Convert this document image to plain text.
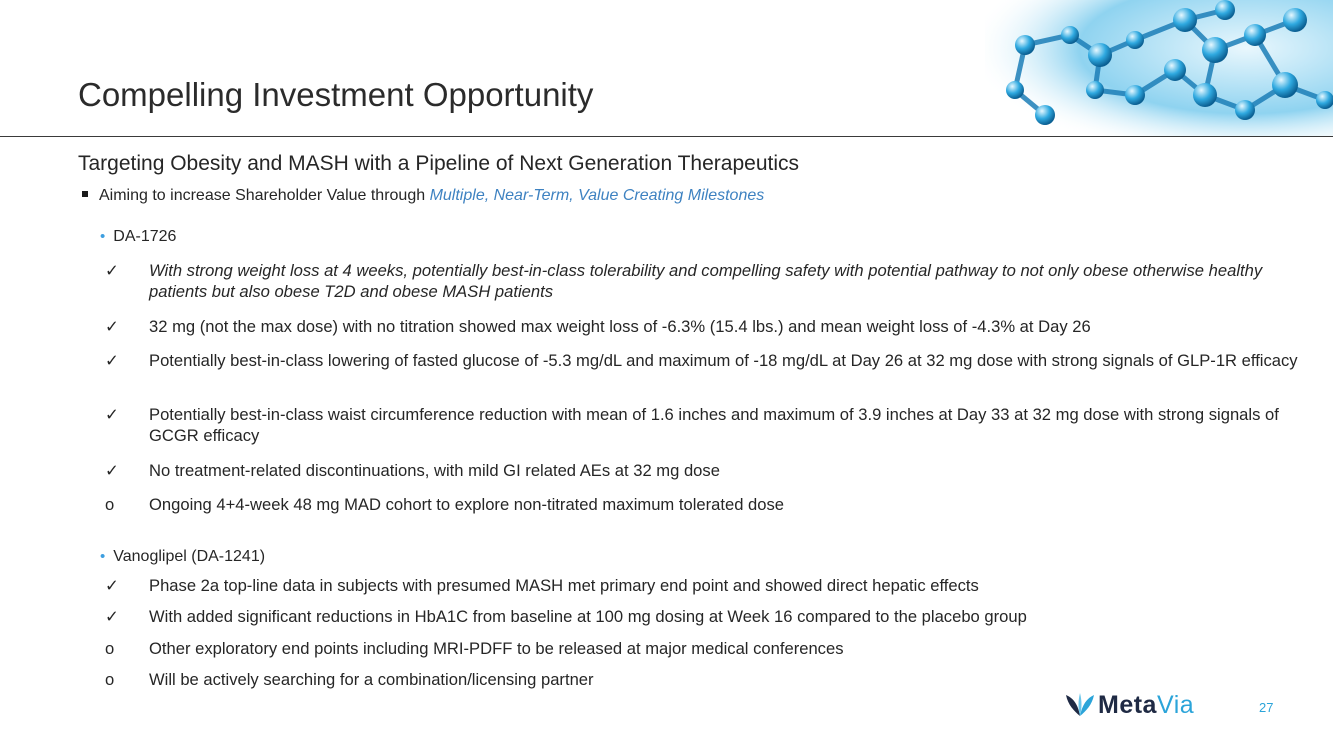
Compelling Investment Opportunity
Targeting Obesity and MASH with a Pipeline of Next Generation Therapeutics
Aiming to increase Shareholder Value through Multiple, Near-Term, Value Creating Milestones
• DA-1726
✓	With strong weight loss at 4 weeks, potentially best-in-class tolerability and compelling safety with potential pathway to not only obese otherwise healthy patients but also obese T2D and obese MASH patients
✓	32 mg (not the max dose) with no titration showed max weight loss of -6.3% (15.4 lbs.) and mean weight loss of -4.3% at Day 26
✓	Potentially best-in-class lowering of fasted glucose of -5.3 mg/dL and maximum of -18 mg/dL at Day 26 at 32 mg dose with strong signals of GLP-1R efficacy
✓	Potentially best-in-class waist circumference reduction with mean of 1.6 inches and maximum of 3.9 inches at Day 33 at 32 mg dose with strong signals of GCGR efficacy
✓	No treatment-related discontinuations, with mild GI related AEs at 32 mg dose
o	Ongoing 4+4-week 48 mg MAD cohort to explore non-titrated maximum tolerated dose
• Vanoglipel (DA-1241)
✓	Phase 2a top-line data in subjects with presumed MASH met primary end point and showed direct hepatic effects
✓	With added significant reductions in HbA1C from baseline at 100 mg dosing at Week 16 compared to the placebo group
o	Other exploratory end points including MRI-PDFF to be released at major medical conferences
o	Will be actively searching for a combination/licensing partner
MetaVia	27
